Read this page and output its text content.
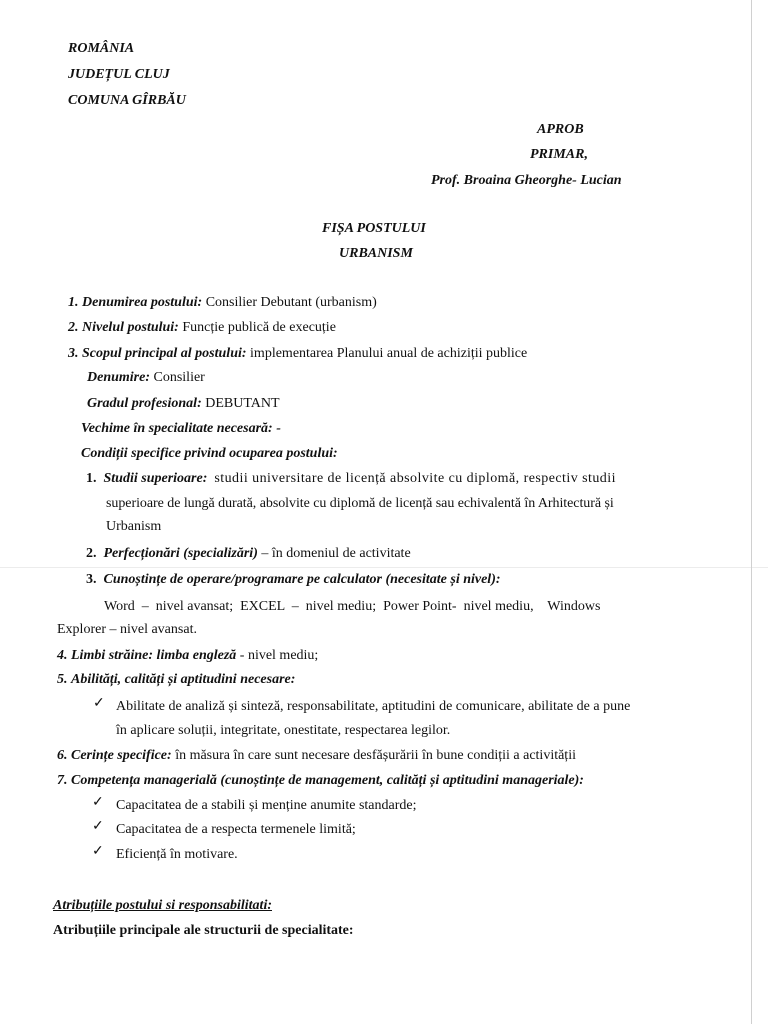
ROMÂNIA
JUDEȚUL CLUJ
COMUNA GÎRBĂU
APROB
PRIMAR,
Prof. Broaina Gheorghe- Lucian
FIȘA POSTULUI
URBANISM
1. Denumirea postului: Consilier Debutant (urbanism)
2. Nivelul postului: Funcție publică de execuție
3. Scopul principal al postului: implementarea Planului anual de achiziții publice
Denumire: Consilier
Gradul profesional: DEBUTANT
Vechime în specialitate necesară: -
Condiții specifice privind ocuparea postului:
1. Studii superioare: studii universitare de licență absolvite cu diplomă, respectiv studii
superioare de lungă durată, absolvite cu diplomă de licență sau echivalentă în Arhitectură și
Urbanism
2. Perfecționări (specializări) – în domeniul de activitate
3. Cunoștințe de operare/programare pe calculator (necesitate și nivel):
Word  –  nivel avansat;  EXCEL  –  nivel mediu;  Power Point-  nivel mediu,    Windows
Explorer – nivel avansat.
4. Limbi străine: limba engleză - nivel mediu;
5. Abilități, calități și aptitudini necesare:
✓ Abilitate de analiză și sinteză, responsabilitate, aptitudini de comunicare, abilitate de a pune
în aplicare soluții, integritate, onestitate, respectarea legilor.
6. Cerințe specifice: în măsura în care sunt necesare desfășurării în bune condiții a activității
7. Competența managerială (cunoștințe de management, calități și aptitudini manageriale):
✓ Capacitatea de a stabili și menține anumite standarde;
✓ Capacitatea de a respecta termenele limită;
✓ Eficiență în motivare.
Atribuțiile postului si responsabilitati:
Atribuțiile principale ale structurii de specialitate:
